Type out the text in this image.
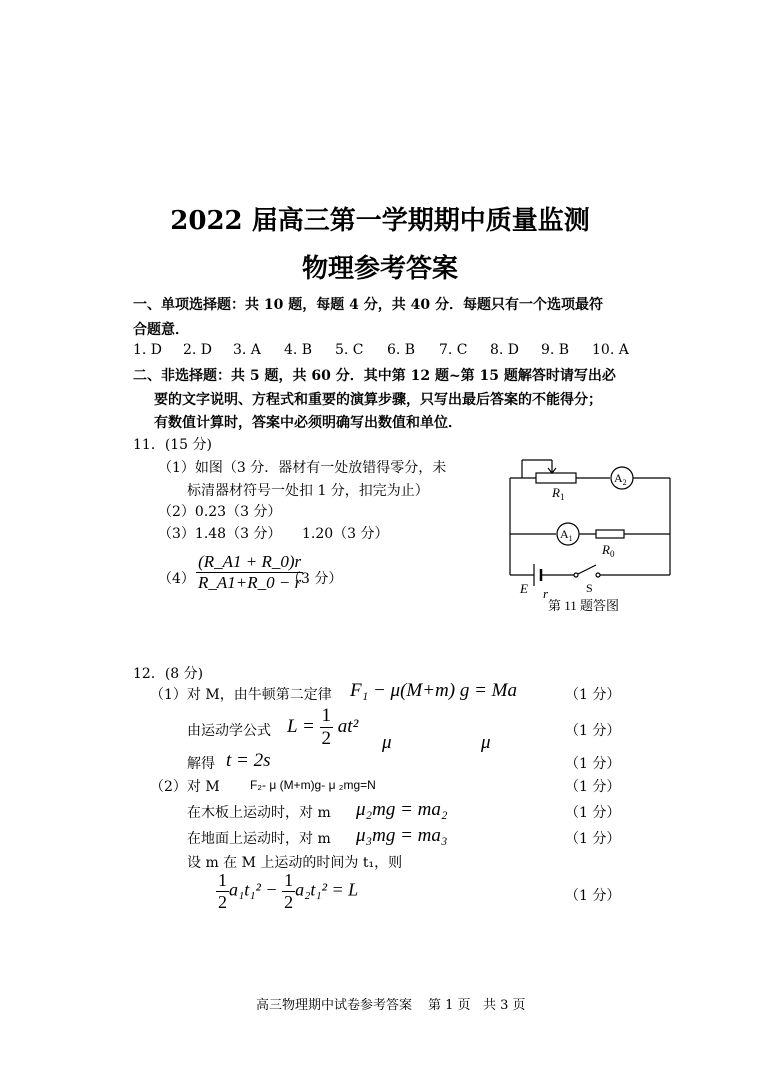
2022 届高三第一学期期中质量监测
物理参考答案
一、单项选择题：共 10 题，每题 4 分，共 40 分．每题只有一个选项最符
合题意．
1. D 2. D 3. A 4. B 5. C 6. B 7. C 8. D 9. B 10. A
二、非选择题：共 5 题，共 60 分．其中第 12 题~第 15 题解答时请写出必
要的文字说明、方程式和重要的演算步骤，只写出最后答案的不能得分；
有数值计算时，答案中必须明确写出数值和单位．
11．(15 分)
（1）如图（3 分．器材有一处放错得零分，未
标清器材符号一处扣 1 分，扣完为止）
（2）0.23（3 分）
（3）1.48（3 分） 1.20（3 分）
$(4) \frac{(R\_A1 + R\_0)r}{R\_A1+R\_0 - r}$
（3 分）
$R_1$
$R_0$
E r
$A_2$
$A_1$
S
第 11 题答图
12．(8 分)
（1）对 M，由牛顿第二定律 F₁ − μ(M+m) g = Ma	（1 分）
由运动学公式 $L = \frac{1}{2} at^2$	（1 分）
μ	μ
解得 t = 2s	（1 分）
（2）对 M	F₂- μ (M+m)g- μ ₂mg=N	（1 分）
在木板上运动时，对 m μ₂mg = ma₂	（1 分）
在地面上运动时，对 m μ₃mg = ma₃	（1 分）
设 m 在 M 上运动的时间为 t₁，则
$\frac{1}{2} a_1t_1^2 - \frac{1}{2} a_2t_1^2 = L$	（1 分）
高三物理期中试卷参考答案 第 1 页 共 3 页
